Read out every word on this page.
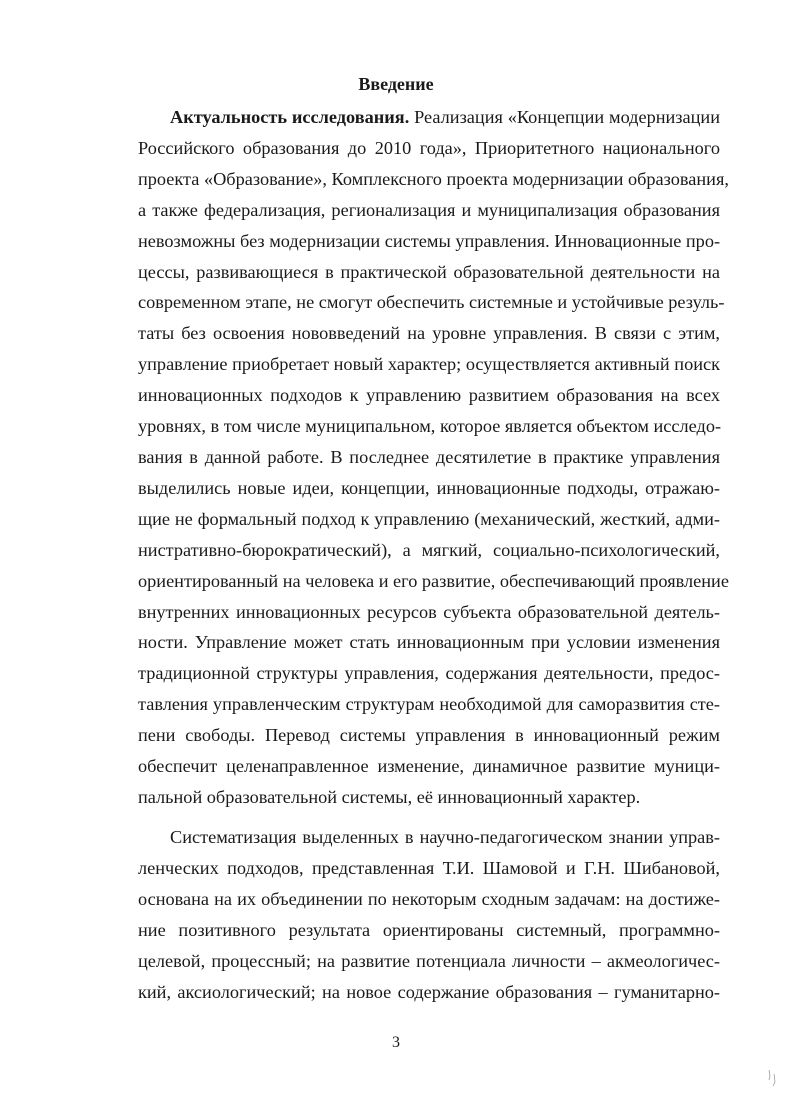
Введение
Актуальность исследования. Реализация «Концепции модернизации
Российского образования до 2010 года», Приоритетного национального
проекта «Образование», Комплексного проекта модернизации образования,
а также федерализация, регионализация и муниципализация образования
невозможны без модернизации системы управления. Инновационные про-
цессы, развивающиеся в практической образовательной деятельности на
современном этапе, не смогут обеспечить системные и устойчивые резуль-
таты без освоения нововведений на уровне управления. В связи с этим,
управление приобретает новый характер; осуществляется активный поиск
инновационных подходов к управлению развитием образования на всех
уровнях, в том числе муниципальном, которое является объектом исследо-
вания в данной работе. В последнее десятилетие в практике управления
выделились новые идеи, концепции, инновационные подходы, отражаю-
щие не формальный подход к управлению (механический, жесткий, адми-
нистративно-бюрократический), а мягкий, социально-психологический,
ориентированный на человека и его развитие, обеспечивающий проявление
внутренних инновационных ресурсов субъекта образовательной деятель-
ности. Управление может стать инновационным при условии изменения
традиционной структуры управления, содержания деятельности, предос-
тавления управленческим структурам необходимой для саморазвития сте-
пени свободы. Перевод системы управления в инновационный режим
обеспечит целенаправленное изменение, динамичное развитие муници-
пальной образовательной системы, её инновационный характер.
Систематизация выделенных в научно-педагогическом знании управ-
ленческих подходов, представленная Т.И. Шамовой и Г.Н. Шибановой,
основана на их объединении по некоторым сходным задачам: на достиже-
ние позитивного результата ориентированы системный, программно-
целевой, процессный; на развитие потенциала личности – акмеологичес-
кий, аксиологический; на новое содержание образования – гуманитарно-
3
